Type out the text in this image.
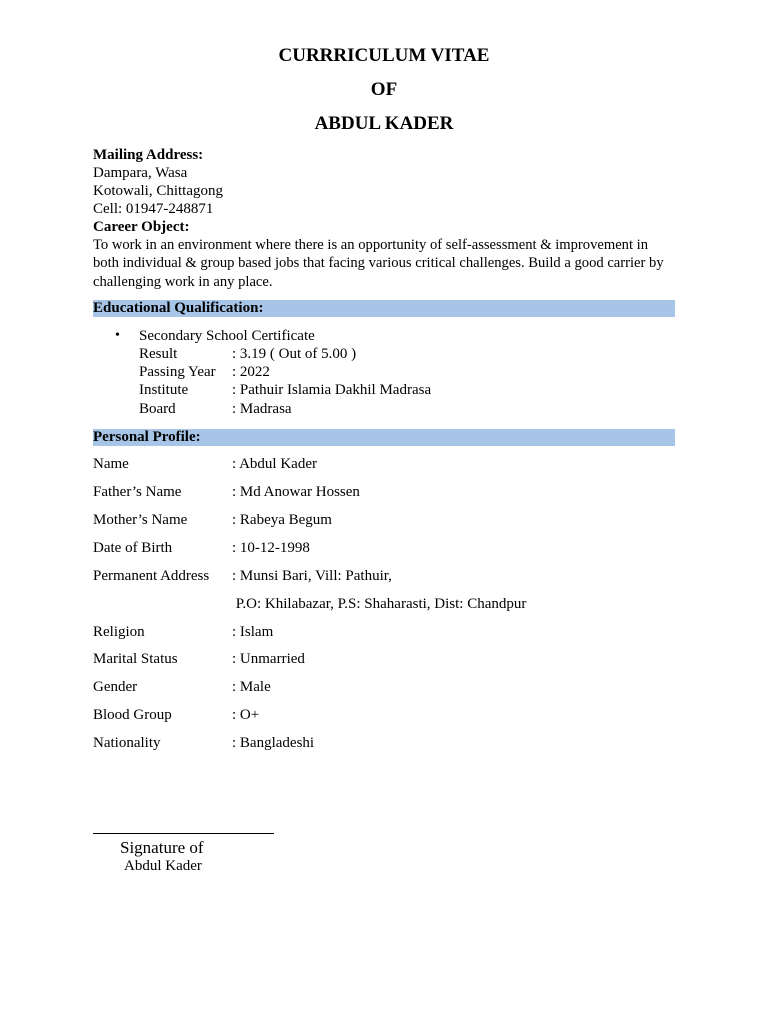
CURRRICULUM VITAE
OF
ABDUL KADER
Mailing Address:
Dampara, Wasa
Kotowali, Chittagong
Cell: 01947-248871
Career Object:
To work in an environment where there is an opportunity of self-assessment & improvement in both individual & group based jobs that facing various critical challenges. Build a good carrier by challenging work in any place.
Educational Qualification:
• Secondary School Certificate
Result	: 3.19 ( Out of 5.00 )
Passing Year : 2022
Institute	: Pathuir Islamia Dakhil Madrasa
Board	: Madrasa
Personal Profile:
Name	: Abdul Kader
Father’s Name	: Md Anowar Hossen
Mother’s Name	: Rabeya Begum
Date of Birth	: 10-12-1998
Permanent Address : Munsi Bari, Vill: Pathuir,
P.O: Khilabazar, P.S: Shaharasti, Dist: Chandpur
Religion	: Islam
Marital Status	: Unmarried
Gender	: Male
Blood Group	: O+
Nationality	: Bangladeshi
Signature of
Abdul Kader
